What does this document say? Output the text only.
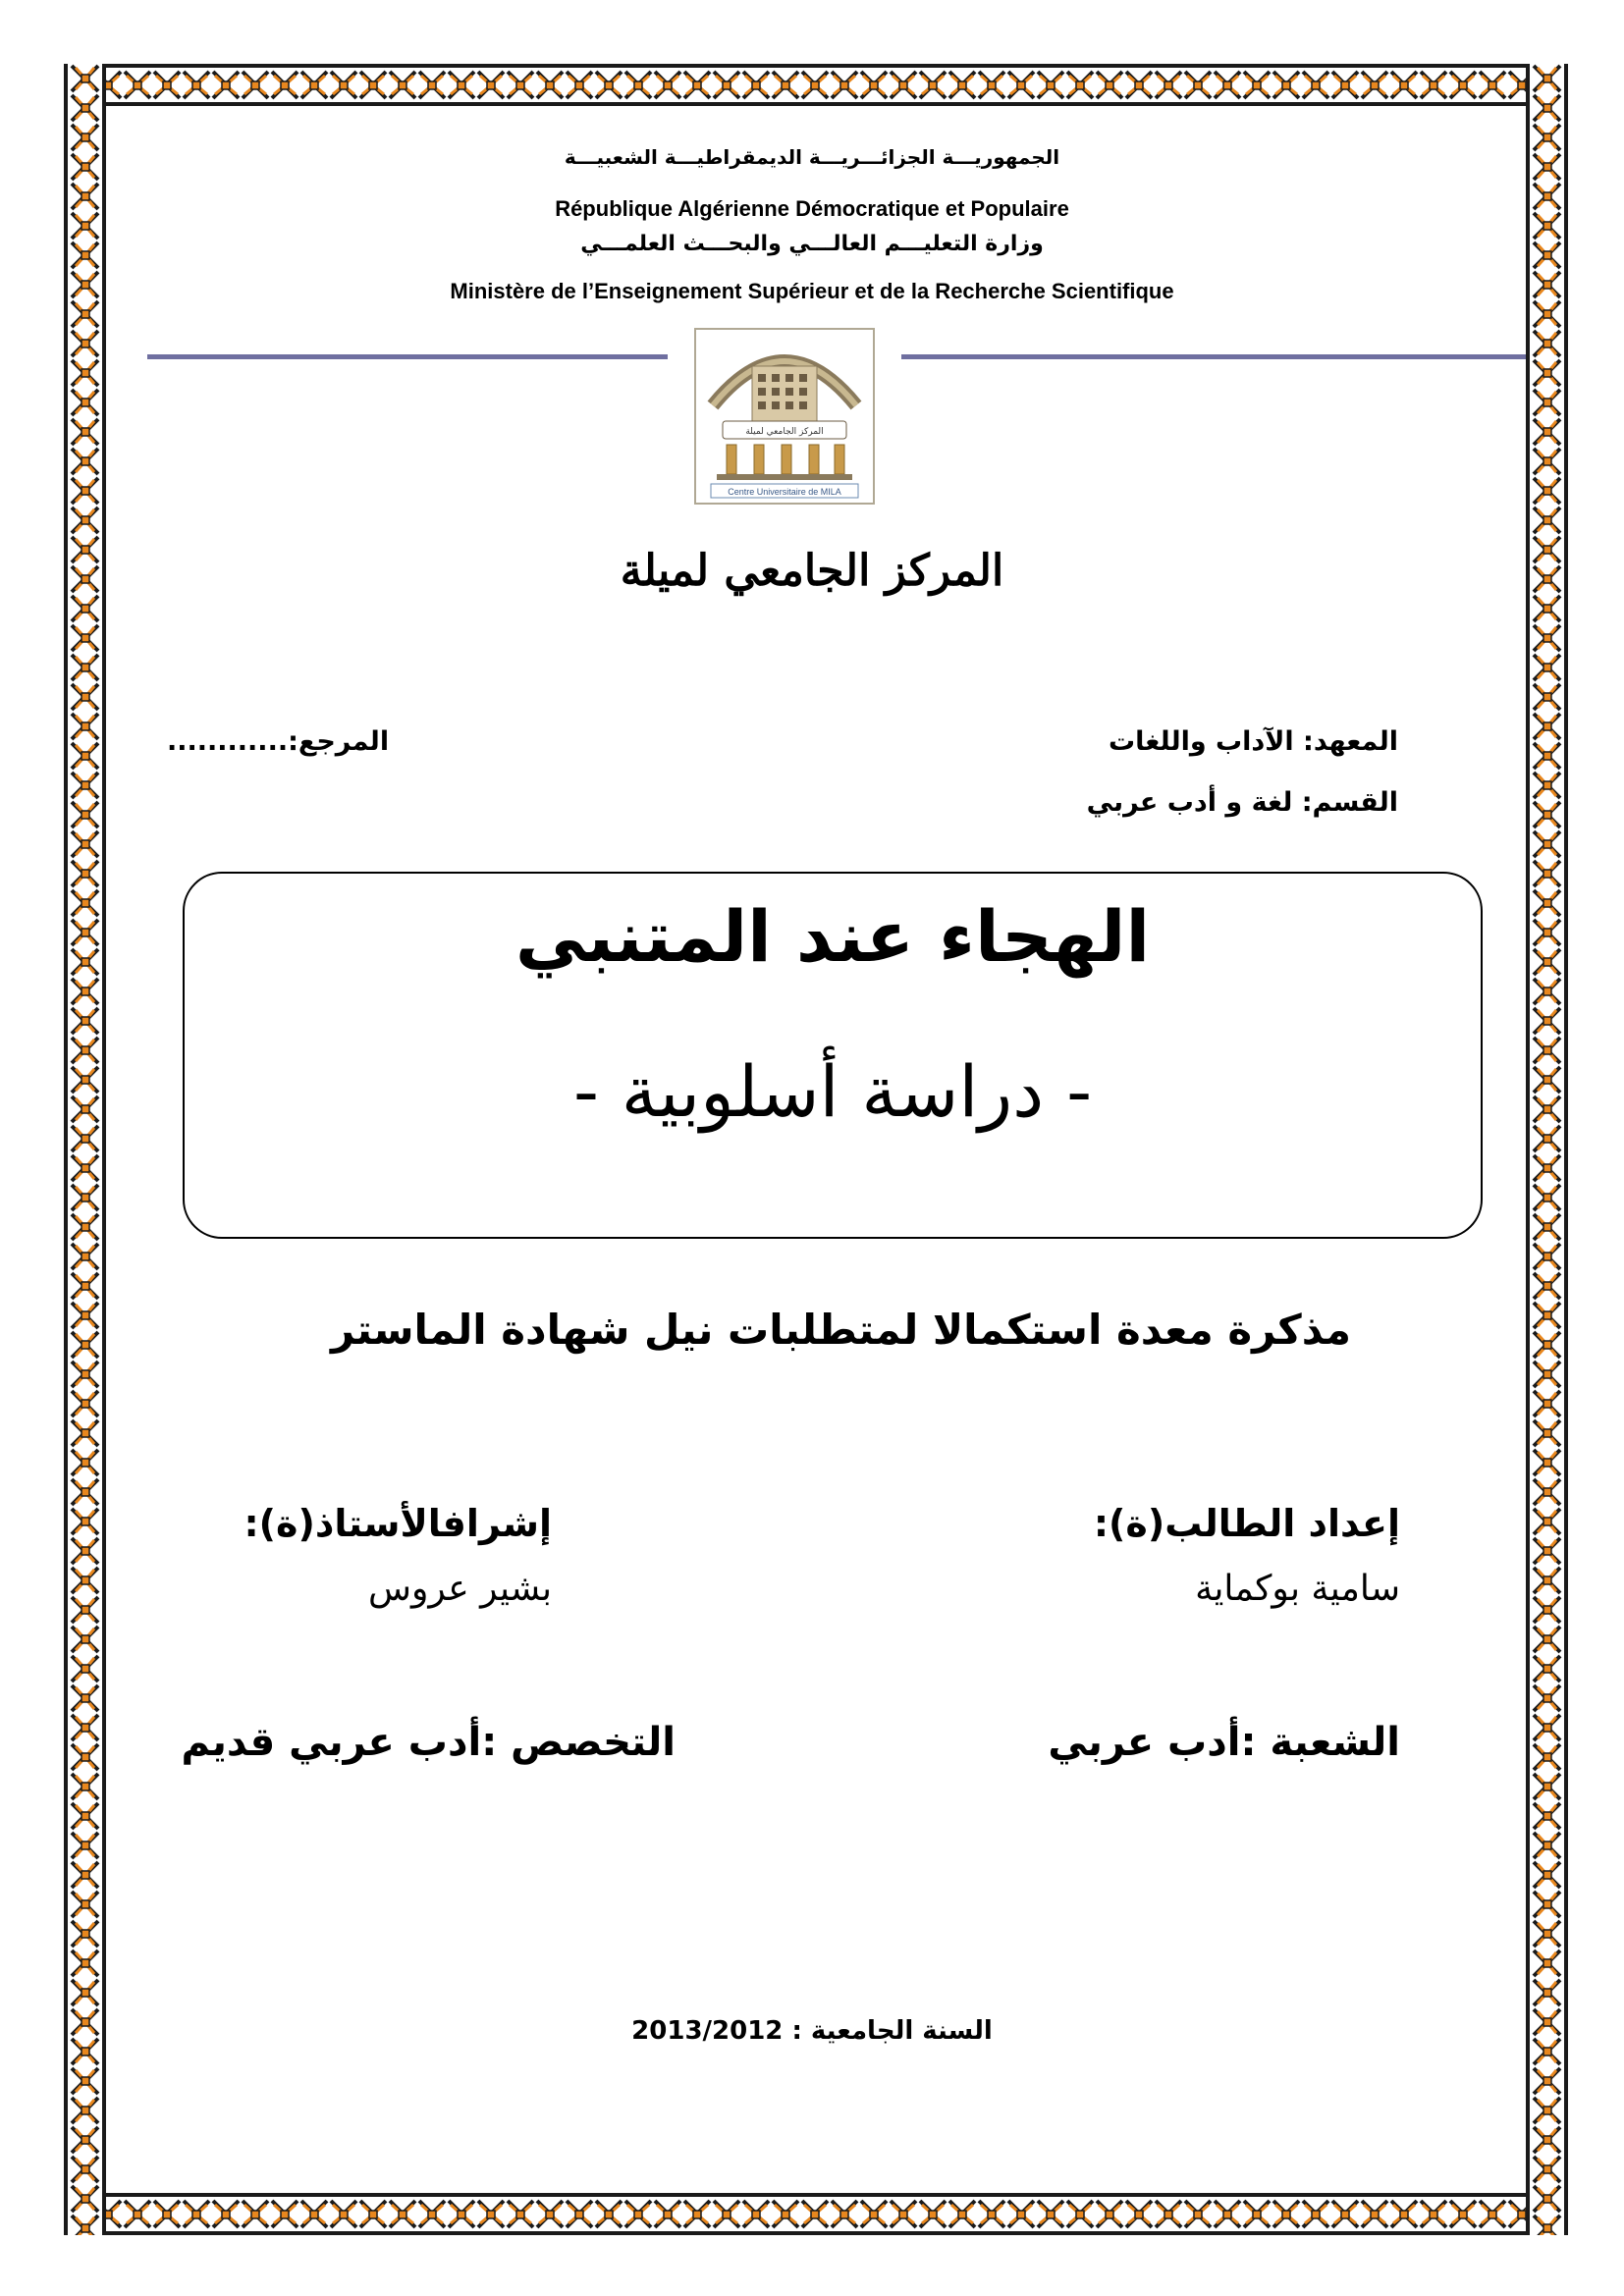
الجمهوريـــة الجزائـــريـــة الديمقراطيـــة الشعبيـــة
République Algérienne Démocratique et Populaire
وزارة التعليـــم العالـــي والبحـــث العلمـــي
Ministère de l’Enseignement Supérieur et de la Recherche Scientifique
المركز الجامعي لميلة
Centre Universitaire de MILA
المركز الجامعي لميلة
المعهد: الآداب واللغات
المرجع:............
القسم: لغة و أدب عربي
الهجاء عند المتنبي
- دراسة أسلوبية -
مذكرة معدة استكمالا لمتطلبات نيل شهادة الماستر
إعداد الطالب(ة):
سامية بوكماية
إشرافالأستاذ(ة):
بشير عروس
الشعبة :أدب عربي
التخصص :أدب عربي قديم
السنة الجامعية : 2013/2012
